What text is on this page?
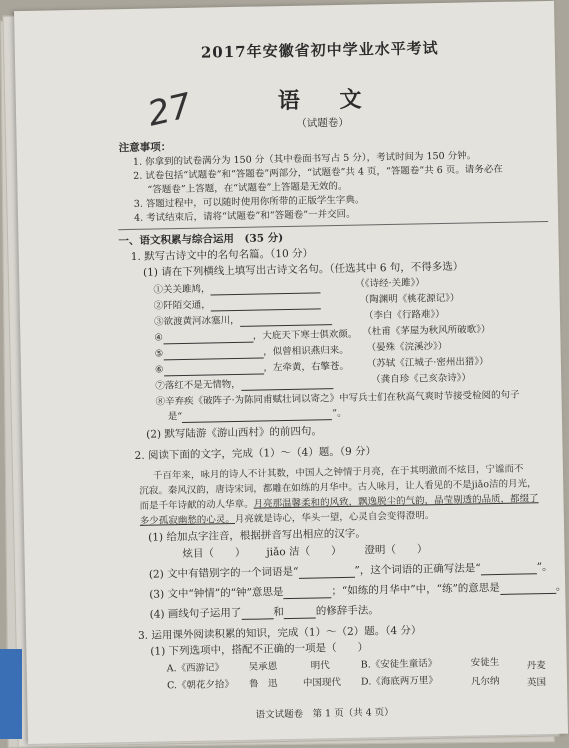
2017年安徽省初中学业水平考试
27	语 文
（试题卷）
注意事项：
1. 你拿到的试卷满分为 150 分（其中卷面书写占 5 分），考试时间为 150 分钟。
2. 试卷包括“试题卷”和“答题卷”两部分，“试题卷”共 4 页，“答题卷”共 6 页。请务必在
“答题卷”上答题，在“试题卷”上答题是无效的。
3. 答题过程中，可以随时使用你所带的正版学生字典。
4. 考试结束后，请将“试题卷”和“答题卷”一并交回。
一、语文积累与综合运用　(35 分)
1. 默写古诗文中的名句名篇。（10 分）
(1) 请在下列横线上填写出古诗文名句。（任选其中 6 句，不得多选）
①关关雎鸠，	（《诗经·关雎》）
②阡陌交通，
（陶渊明《桃花源记》）
③欲渡黄河冰塞川，	（李白《行路难》）
④	，大庇天下寒士俱欢颜。 （杜甫《茅屋为秋风所破歌》）
⑤	，似曾相识燕归来。 （晏殊《浣溪沙》）
⑥	，左牵黄，右擎苍。 （苏轼《江城子·密州出猎》）
⑦落红不是无情物，	（龚自珍《己亥杂诗》）
⑧辛弃疾《破阵子·为陈同甫赋壮词以寄之》中写兵士们在秋高气爽时节接受检阅的句子
是“	”。
(2) 默写陆游《游山西村》的前四句。
2. 阅读下面的文字，完成（1）～（4）题。（9 分）
千百年来，咏月的诗人不计其数，中国人之钟情于月亮，在于其明澈而不炫目，宁谧而不
沉寂。秦风汉韵，唐诗宋词，都雕在如练的月华中。古人咏月，让人看见的不是jiǎo洁的月光，
而是千年诗献的动人华章。月亮那温馨柔和的风致，飘逸脱尘的气韵，晶莹剔透的品质，都缀了
多少孤寂幽愁的心灵。月亮就是诗心，华头一望，心灵自会变得澄明。
(1) 给加点字注音，根据拼音写出相应的汉字。
炫目（　　） jiǎo 洁（　　） 澄明（　　）
(2) 文中有错别字的一个词语是“	”，这个词语的正确写法是“	”。
(3) 文中“钟情”的“钟”意思是	；“如练的月华中”中，“练”的意思是	。
(4) 画线句子运用了	和	的修辞手法。
3. 运用课外阅读积累的知识，完成（1）～（2）题。（4 分）
(1) 下列选项中，搭配不正确的一项是（　　）
A.《西游记》	吴承恩	明代	B.《安徒生童话》	安徒生	丹麦
C.《朝花夕拾》 鲁　迅	中国现代 D.《海底两万里》	凡尔纳	英国
语文试题卷　第 1 页（共 4 页）
